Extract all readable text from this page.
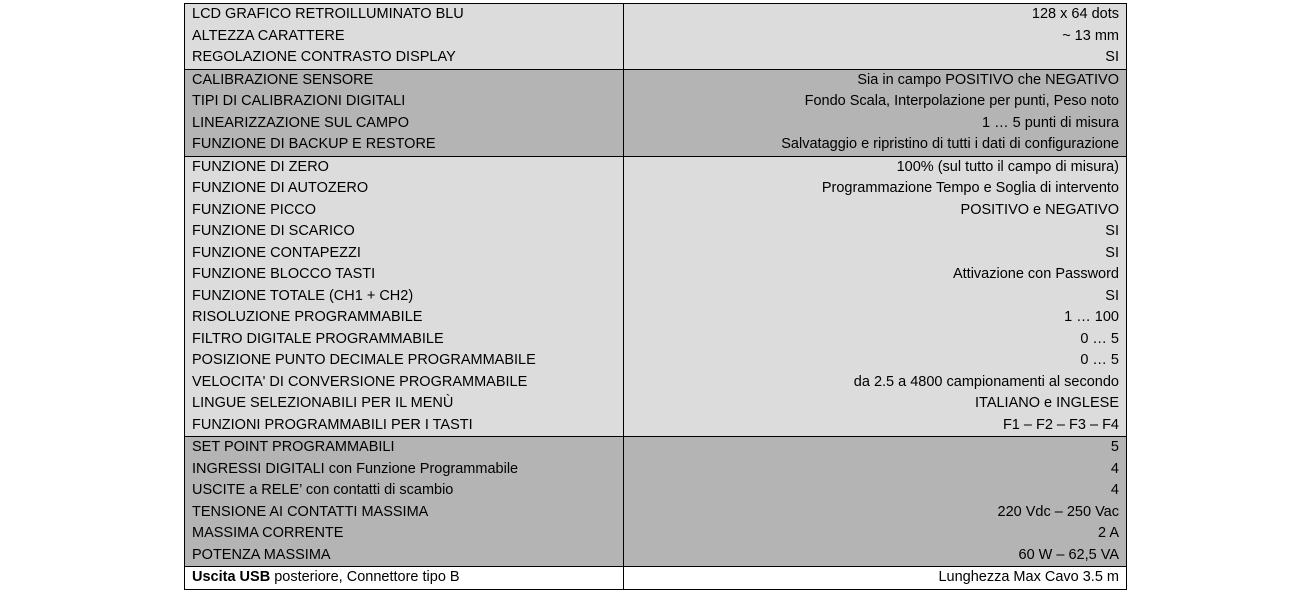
LCD GRAFICO RETROILLUMINATO BLU	128 x 64 dots
ALTEZZA CARATTERE	~ 13 mm
REGOLAZIONE CONTRASTO DISPLAY	SI
CALIBRAZIONE SENSORE	Sia in campo POSITIVO che NEGATIVO
TIPI DI CALIBRAZIONI DIGITALI	Fondo Scala, Interpolazione per punti, Peso noto
LINEARIZZAZIONE SUL CAMPO	1 … 5 punti di misura
FUNZIONE DI BACKUP E RESTORE	Salvataggio e ripristino di tutti i dati di configurazione
FUNZIONE DI ZERO	100% (sul tutto il campo di misura)
FUNZIONE DI AUTOZERO	Programmazione Tempo e Soglia di intervento
FUNZIONE PICCO	POSITIVO e NEGATIVO
FUNZIONE DI SCARICO	SI
FUNZIONE CONTAPEZZI	SI
FUNZIONE BLOCCO TASTI	Attivazione con Password
FUNZIONE TOTALE (CH1 + CH2)	SI
RISOLUZIONE PROGRAMMABILE	1 … 100
FILTRO DIGITALE PROGRAMMABILE	0 … 5
POSIZIONE PUNTO DECIMALE PROGRAMMABILE	0 … 5
VELOCITA' DI CONVERSIONE PROGRAMMABILE	da 2.5 a 4800 campionamenti al secondo
LINGUE SELEZIONABILI PER IL MENÙ	ITALIANO e INGLESE
FUNZIONI PROGRAMMABILI PER I TASTI	F1 – F2 – F3 – F4
SET POINT PROGRAMMABILI	5
INGRESSI DIGITALI con Funzione Programmabile	4
USCITE a RELE’ con contatti di scambio	4
TENSIONE AI CONTATTI MASSIMA	220 Vdc – 250 Vac
MASSIMA CORRENTE	2 A
POTENZA MASSIMA	60 W – 62,5 VA
Uscita USB posteriore, Connettore tipo B	Lunghezza Max Cavo 3.5 m
